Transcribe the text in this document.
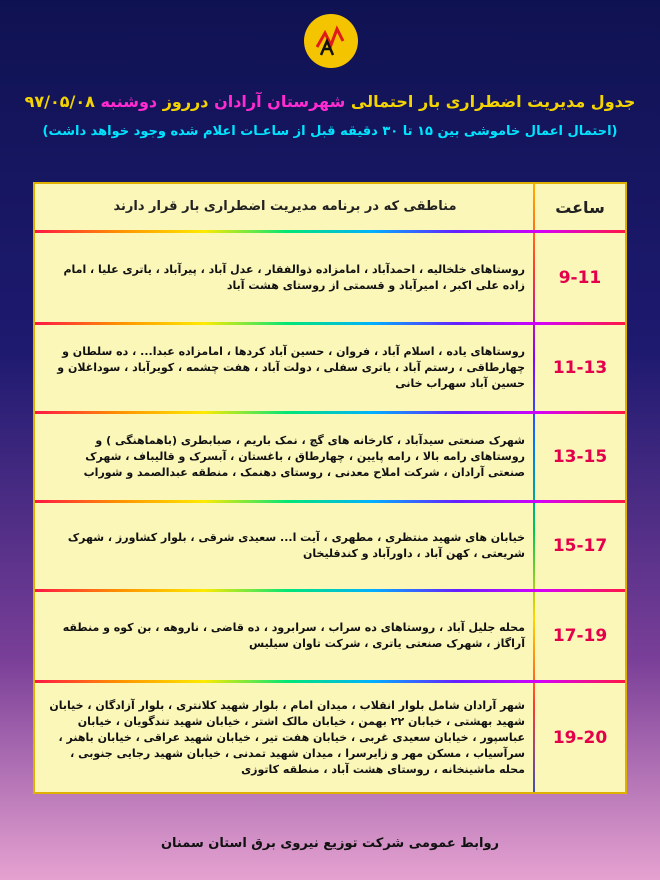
جدول مدیریت اضطراری بار احتمالی شهرستان آرادان درروز دوشنبه ۹۷/۰۵/۰۸
(احتمال اعمال خاموشی بین ۱۵ تا ۳۰ دقیقه قبل از ساعـات اعلام شده وجود خواهد داشت)
ساعت
مناطقی که در برنامه مدیریت اضطراری بار قرار دارند
9-11
روستاهای خلخالیه ، احمدآباد ، امامزاده ذوالفقار ، عدل آباد ، پیرآباد ، یاتری علیا ، امام زاده علی اکبر ، امیرآباد و قسمتی از روستای هشت آباد
11-13
روستاهای یاده ، اسلام آباد ، فروان ، حسین آباد کردها ، امامزاده عبدا... ، ده سلطان و چهارطاقی ، رستم آباد ، یاتری سفلی ، دولت آباد ، هفت چشمه ، کویرآباد ، سوداغلان و حسین آباد سهراب خانی
13-15
شهرک صنعتی سیدآباد ، کارخانه های گچ ، نمک باریم ، صبابطری (باهماهنگی ) و روستاهای رامه بالا ، رامه پایین ، چهارطاق ، باغستان ، آبسرک و قالیباف ، شهرک صنعتی آرادان ، شرکت املاح معدنی ، روستای دهنمک ، منطقه عبدالصمد و شوراب
15-17
خیابان های شهید منتظری ، مطهری ، آیت ا... سعیدی شرقی ، بلوار کشاورز ، شهرک شریعتی ، کهن آباد ، داورآباد و کندقلیخان
17-19
محله جلیل آباد ، روستاهای ده سراب ، سرابرود ، ده قاضی ، ناروهه ، بن کوه و منطقه آراگاز ، شهرک صنعتی یاتری ، شرکت تاوان سیلیس
19-20
شهر آرادان شامل بلوار انقلاب ، میدان امام ، بلوار شهید کلانتری ، بلوار آزادگان ، خیابان شهید بهشتی ، خیابان ۲۲ بهمن ، خیابان مالک اشتر ، خیابان شهید تندگویان ، خیابان عباسپور ، خیابان سعیدی غربی ، خیابان هفت تیر ، خیابان شهید عراقی ، خیابان باهنر ، سرآسیاب ، مسکن مهر و زایرسرا ، میدان شهید تمدنی ، خیابان شهید رجایی جنوبی ، محله ماشینخانه ، روستای هشت آباد ، منطقه کاتوزی
روابط عمومی شرکت توزیع نیروی برق استان سمنان
